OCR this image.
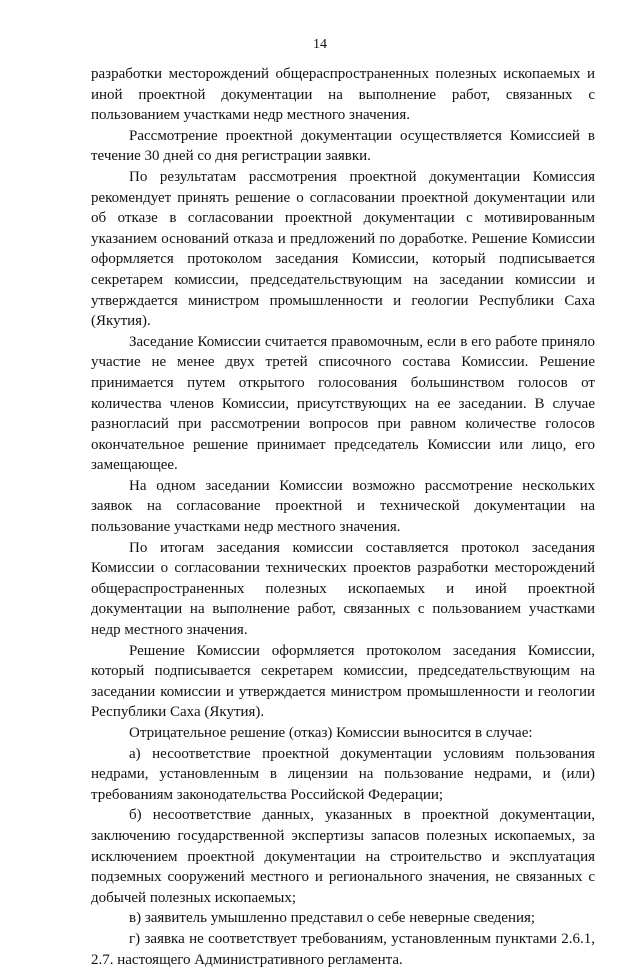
14

разработки месторождений общераспространенных полезных ископаемых и иной проектной документации на выполнение работ, связанных с пользованием участками недр местного значения.

Рассмотрение проектной документации осуществляется Комиссией в течение 30 дней со дня регистрации заявки.

По результатам рассмотрения проектной документации Комиссия рекомендует принять решение о согласовании проектной документации или об отказе в согласовании проектной документации с мотивированным указанием оснований отказа и предложений по доработке. Решение Комиссии оформляется протоколом заседания Комиссии, который подписывается секретарем комиссии, председательствующим на заседании комиссии и утверждается министром промышленности и геологии Республики Саха (Якутия).

Заседание Комиссии считается правомочным, если в его работе приняло участие не менее двух третей списочного состава Комиссии. Решение принимается путем открытого голосования большинством голосов от количества членов Комиссии, присутствующих на ее заседании. В случае разногласий при рассмотрении вопросов при равном количестве голосов окончательное решение принимает председатель Комиссии или лицо, его замещающее.

На одном заседании Комиссии возможно рассмотрение нескольких заявок на согласование проектной и технической документации на пользование участками недр местного значения.

По итогам заседания комиссии составляется протокол заседания Комиссии о согласовании технических проектов разработки месторождений общераспространенных полезных ископаемых и иной проектной документации на выполнение работ, связанных с пользованием участками недр местного значения.

Решение Комиссии оформляется протоколом заседания Комиссии, который подписывается секретарем комиссии, председательствующим на заседании комиссии и утверждается министром промышленности и геологии Республики Саха (Якутия).

Отрицательное решение (отказ) Комиссии выносится в случае:

а) несоответствие проектной документации условиям пользования недрами, установленным в лицензии на пользование недрами, и (или) требованиям законодательства Российской Федерации;

б) несоответствие данных, указанных в проектной документации, заключению государственной экспертизы запасов полезных ископаемых, за исключением проектной документации на строительство и эксплуатация подземных сооружений местного и регионального значения, не связанных с добычей полезных ископаемых;

в) заявитель умышленно представил о себе неверные сведения;

г) заявка не соответствует требованиям, установленным пунктами 2.6.1, 2.7. настоящего Административного регламента.
